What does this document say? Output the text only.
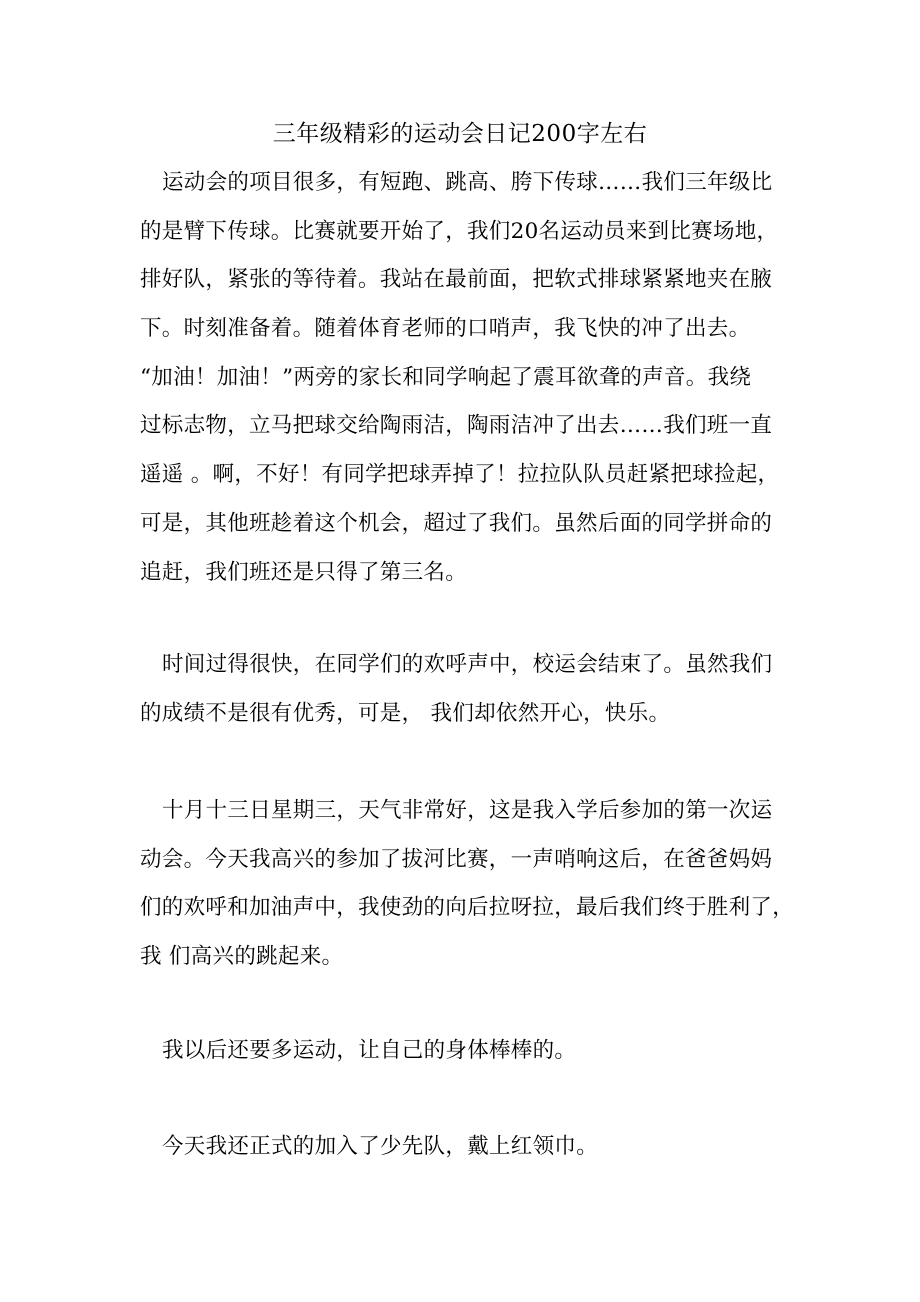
三年级精彩的运动会日记200字左右
运动会的项目很多，有短跑、跳高、胯下传球……我们三年级比
的是臂下传球。比赛就要开始了，我们20名运动员来到比赛场地，
排好队，紧张的等待着。我站在最前面，把软式排球紧紧地夹在腋
下。时刻准备着。随着体育老师的口哨声，我飞快的冲了出去。
“加油！加油！”两旁的家长和同学响起了震耳欲聋的声音。我绕
过标志物，立马把球交给陶雨洁，陶雨洁冲了出去……我们班一直
遥遥 。啊，不好！有同学把球弄掉了！拉拉队队员赶紧把球捡起，
可是，其他班趁着这个机会，超过了我们。虽然后面的同学拼命的
追赶，我们班还是只得了第三名。
时间过得很快，在同学们的欢呼声中，校运会结束了。虽然我们
的成绩不是很有优秀，可是， 我们却依然开心，快乐。
十月十三日星期三，天气非常好，这是我入学后参加的第一次运
动会。今天我高兴的参加了拔河比赛，一声哨响这后，在爸爸妈妈
们的欢呼和加油声中，我使劲的向后拉呀拉，最后我们终于胜利了，
我 们高兴的跳起来。
我以后还要多运动，让自己的身体棒棒的。
今天我还正式的加入了少先队，戴上红领巾。
